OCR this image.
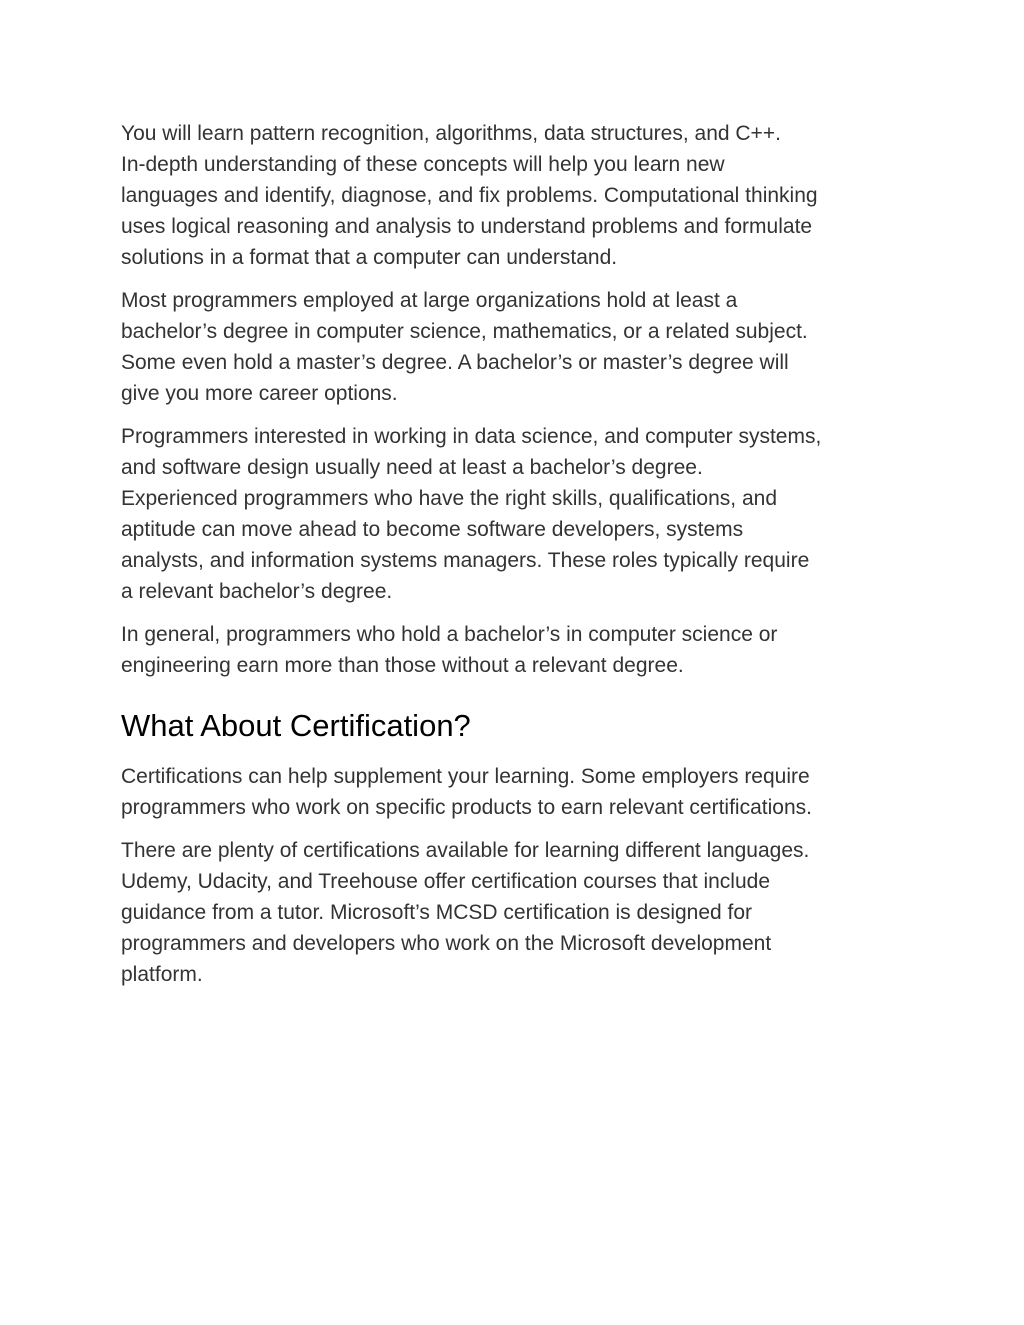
You will learn pattern recognition, algorithms, data structures, and C++.
In-depth understanding of these concepts will help you learn new
languages and identify, diagnose, and fix problems. Computational thinking
uses logical reasoning and analysis to understand problems and formulate
solutions in a format that a computer can understand.

Most programmers employed at large organizations hold at least a
bachelor’s degree in computer science, mathematics, or a related subject.
Some even hold a master’s degree. A bachelor’s or master’s degree will
give you more career options.

Programmers interested in working in data science, and computer systems,
and software design usually need at least a bachelor’s degree.
Experienced programmers who have the right skills, qualifications, and
aptitude can move ahead to become software developers, systems
analysts, and information systems managers. These roles typically require
a relevant bachelor’s degree.

In general, programmers who hold a bachelor’s in computer science or
engineering earn more than those without a relevant degree.

What About Certification?

Certifications can help supplement your learning. Some employers require
programmers who work on specific products to earn relevant certifications.

There are plenty of certifications available for learning different languages.
Udemy, Udacity, and Treehouse offer certification courses that include
guidance from a tutor. Microsoft’s MCSD certification is designed for
programmers and developers who work on the Microsoft development
platform.
